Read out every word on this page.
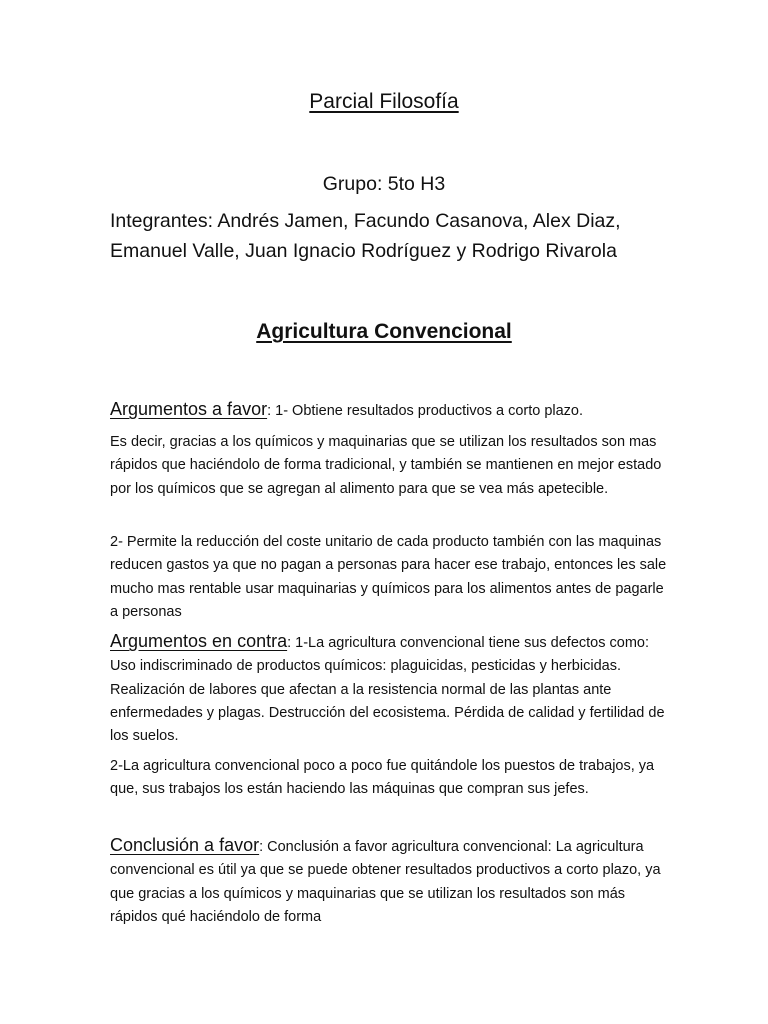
Parcial Filosofía
Grupo: 5to H3
Integrantes: Andrés Jamen, Facundo Casanova, Alex Diaz, Emanuel Valle, Juan Ignacio Rodríguez y Rodrigo Rivarola
Agricultura Convencional

Argumentos a favor: 1- Obtiene resultados productivos a corto plazo.

Es decir, gracias a los químicos y maquinarias que se utilizan los resultados son mas rápidos que haciéndolo de forma tradicional, y también se mantienen en mejor estado por los químicos que se agregan al alimento para que se vea más apetecible.

2- Permite la reducción del coste unitario de cada producto también con las maquinas reducen gastos ya que no pagan a personas para hacer ese trabajo, entonces les sale mucho mas rentable usar maquinarias y químicos para los alimentos antes de pagarle a personas

Argumentos en contra: 1-La agricultura convencional tiene sus defectos como: Uso indiscriminado de productos químicos: plaguicidas, pesticidas y herbicidas. Realización de labores que afectan a la resistencia normal de las plantas ante enfermedades y plagas. Destrucción del ecosistema. Pérdida de calidad y fertilidad de los suelos.

2-La agricultura convencional poco a poco fue quitándole los puestos de trabajos, ya que, sus trabajos los están haciendo las máquinas que compran sus jefes.

Conclusión a favor: Conclusión a favor agricultura convencional: La agricultura convencional es útil ya que se puede obtener resultados productivos a corto plazo, ya que gracias a los químicos y maquinarias que se utilizan los resultados son más rápidos qué haciéndolo de forma
